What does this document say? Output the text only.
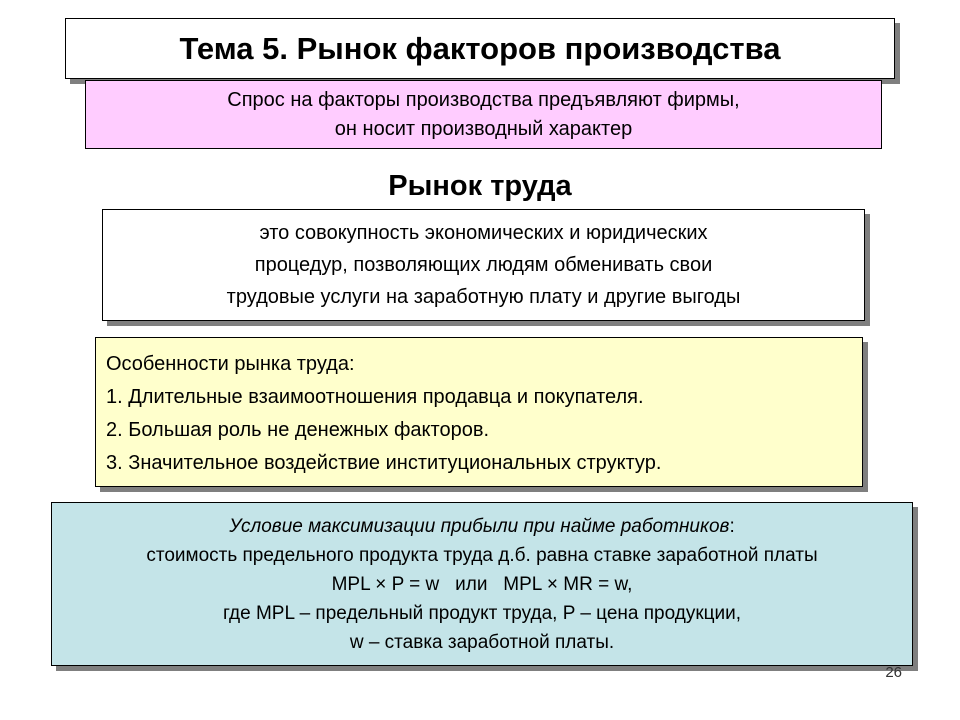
Тема 5. Рынок факторов производства
Спрос на факторы производства предъявляют фирмы,
он носит производный характер
Рынок труда
это совокупность экономических и юридических
процедур, позволяющих людям обменивать свои
трудовые услуги на заработную плату и другие выгоды
Особенности рынка труда:
1. Длительные взаимоотношения продавца и покупателя.
2. Большая роль не денежных факторов.
3. Значительное воздействие институциональных структур.
Условие максимизации прибыли при найме работников:
стоимость предельного продукта труда д.б. равна ставке заработной платы
MPL × P = w   или   MPL × MR = w,
где MPL – предельный продукт труда, P – цена продукции,
w – ставка заработной платы.
26
